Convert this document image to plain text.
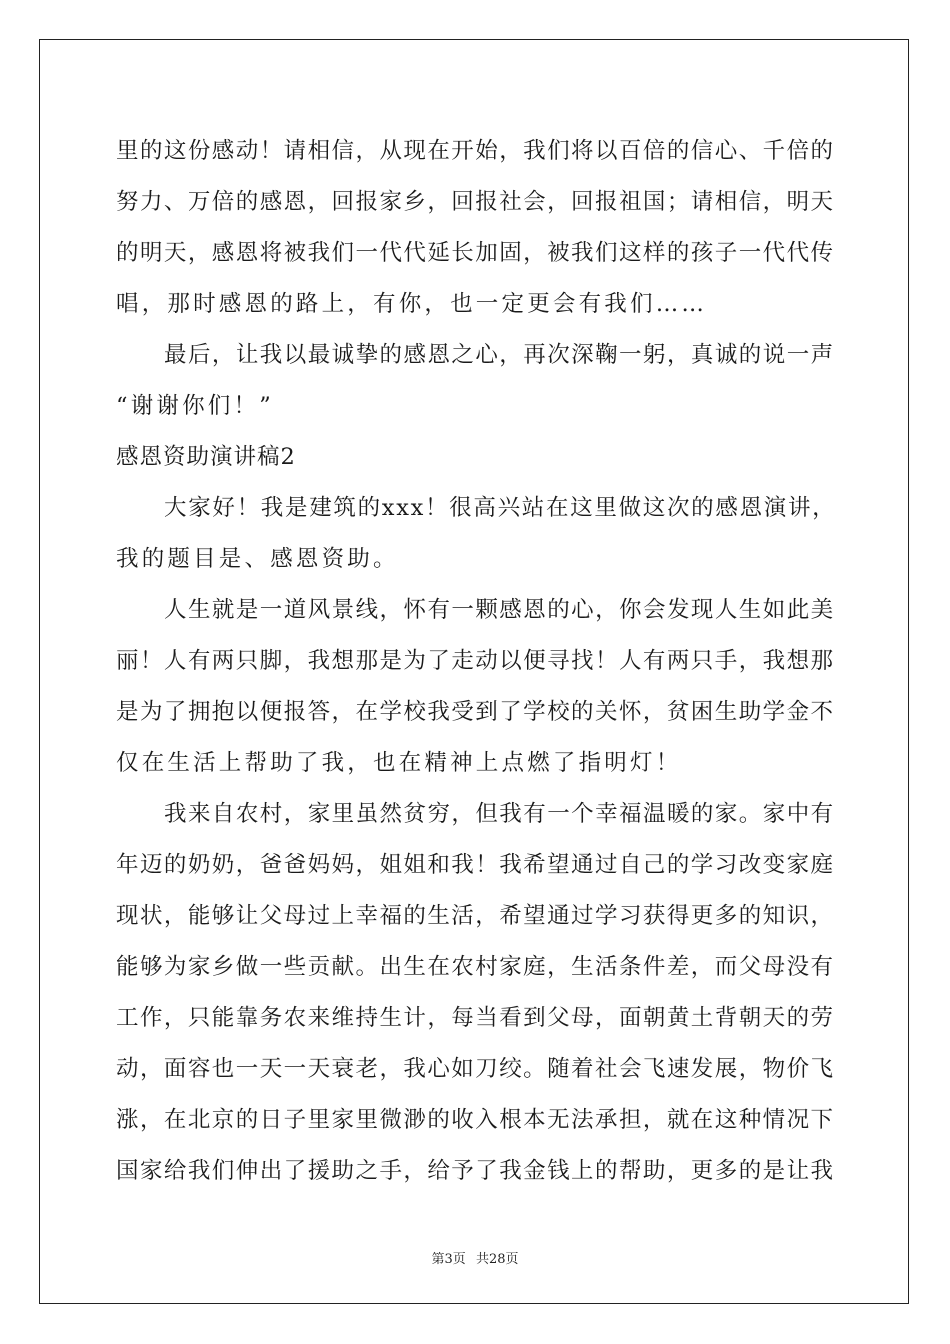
里的这份感动！请相信，从现在开始，我们将以百倍的信心、千倍的
努力、万倍的感恩，回报家乡，回报社会，回报祖国；请相信，明天
的明天，感恩将被我们一代代延长加固，被我们这样的孩子一代代传
唱，那时感恩的路上，有你，也一定更会有我们……
最后，让我以最诚挚的感恩之心，再次深鞠一躬，真诚的说一声
“谢谢你们！”
感恩资助演讲稿2
大家好！我是建筑的xxx！很高兴站在这里做这次的感恩演讲，
我的题目是、感恩资助。
人生就是一道风景线，怀有一颗感恩的心，你会发现人生如此美
丽！人有两只脚，我想那是为了走动以便寻找！人有两只手，我想那
是为了拥抱以便报答，在学校我受到了学校的关怀，贫困生助学金不
仅在生活上帮助了我，也在精神上点燃了指明灯！
我来自农村，家里虽然贫穷，但我有一个幸福温暖的家。家中有
年迈的奶奶，爸爸妈妈，姐姐和我！我希望通过自己的学习改变家庭
现状，能够让父母过上幸福的生活，希望通过学习获得更多的知识，
能够为家乡做一些贡献。出生在农村家庭，生活条件差，而父母没有
工作，只能靠务农来维持生计，每当看到父母，面朝黄土背朝天的劳
动，面容也一天一天衰老，我心如刀绞。随着社会飞速发展，物价飞
涨，在北京的日子里家里微渺的收入根本无法承担，就在这种情况下
国家给我们伸出了援助之手，给予了我金钱上的帮助，更多的是让我
第3页 共28页
